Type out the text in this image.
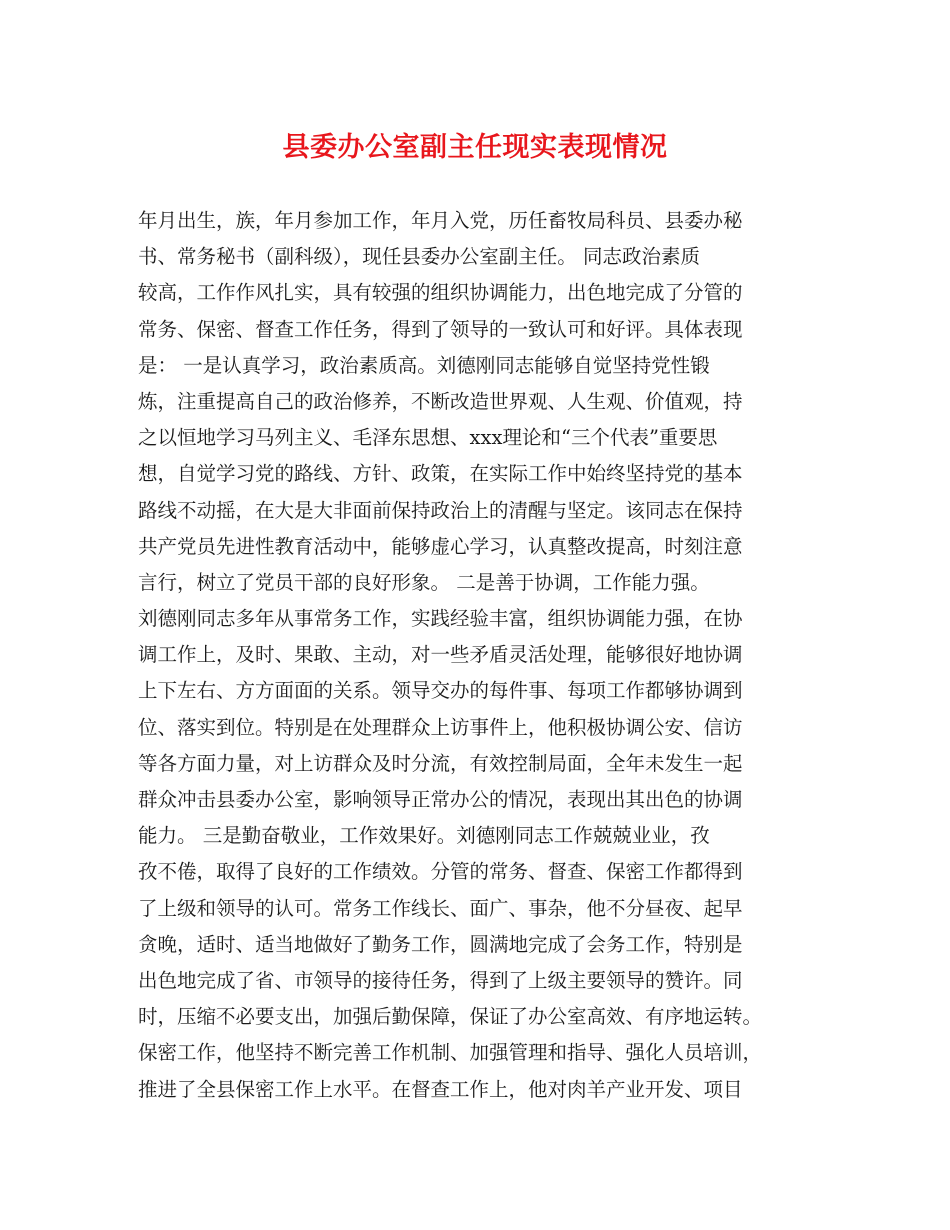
县委办公室副主任现实表现情况
年月出生，族，年月参加工作，年月入党，历任畜牧局科员、县委办秘
书、常务秘书（副科级），现任县委办公室副主任。 同志政治素质
较高，工作作风扎实，具有较强的组织协调能力，出色地完成了分管的
常务、保密、督查工作任务，得到了领导的一致认可和好评。具体表现
是： 一是认真学习，政治素质高。刘德刚同志能够自觉坚持党性锻
炼，注重提高自己的政治修养，不断改造世界观、人生观、价值观，持
之以恒地学习马列主义、毛泽东思想、xxx理论和“三个代表”重要思
想，自觉学习党的路线、方针、政策，在实际工作中始终坚持党的基本
路线不动摇，在大是大非面前保持政治上的清醒与坚定。该同志在保持
共产党员先进性教育活动中，能够虚心学习，认真整改提高，时刻注意
言行，树立了党员干部的良好形象。 二是善于协调，工作能力强。
刘德刚同志多年从事常务工作，实践经验丰富，组织协调能力强，在协
调工作上，及时、果敢、主动，对一些矛盾灵活处理，能够很好地协调
上下左右、方方面面的关系。领导交办的每件事、每项工作都够协调到
位、落实到位。特别是在处理群众上访事件上，他积极协调公安、信访
等各方面力量，对上访群众及时分流，有效控制局面，全年未发生一起
群众冲击县委办公室，影响领导正常办公的情况，表现出其出色的协调
能力。 三是勤奋敬业，工作效果好。刘德刚同志工作兢兢业业，孜
孜不倦，取得了良好的工作绩效。分管的常务、督查、保密工作都得到
了上级和领导的认可。常务工作线长、面广、事杂，他不分昼夜、起早
贪晚，适时、适当地做好了勤务工作，圆满地完成了会务工作，特别是
出色地完成了省、市领导的接待任务，得到了上级主要领导的赞许。同
时，压缩不必要支出，加强后勤保障，保证了办公室高效、有序地运转。
保密工作，他坚持不断完善工作机制、加强管理和指导、强化人员培训，
推进了全县保密工作上水平。在督查工作上，他对肉羊产业开发、项目
